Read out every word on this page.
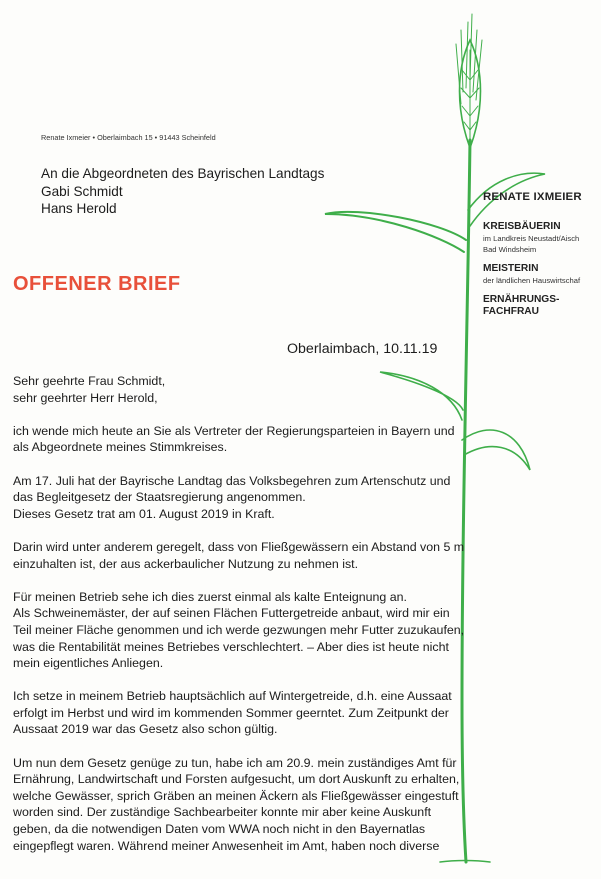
Renate Ixmeier • Oberlaimbach 15 • 91443 Scheinfeld
An die Abgeordneten des Bayrischen Landtags
Gabi Schmidt
Hans Herold
OFFENER BRIEF
RENATE IXMEIER
KREISBÄUERIN
im Landkreis Neustadt/Aisch
Bad Windsheim
MEISTERIN
der ländlichen Hauswirtschaf
ERNÄHRUNGS-
FACHFRAU
Oberlaimbach, 10.11.19

Sehr geehrte Frau Schmidt,
sehr geehrter Herr Herold,

ich wende mich heute an Sie als Vertreter der Regierungsparteien in Bayern und
als Abgeordnete meines Stimmkreises.

Am 17. Juli hat der Bayrische Landtag das Volksbegehren zum Artenschutz und
das Begleitgesetz der Staatsregierung angenommen.
Dieses Gesetz trat am 01. August 2019 in Kraft.

Darin wird unter anderem geregelt, dass von Fließgewässern ein Abstand von 5 m
einzuhalten ist, der aus ackerbaulicher Nutzung zu nehmen ist.

Für meinen Betrieb sehe ich dies zuerst einmal als kalte Enteignung an.
Als Schweinemäster, der auf seinen Flächen Futtergetreide anbaut, wird mir ein
Teil meiner Fläche genommen und ich werde gezwungen mehr Futter zuzukaufen,
was die Rentabilität meines Betriebes verschlechtert. – Aber dies ist heute nicht
mein eigentliches Anliegen.

Ich setze in meinem Betrieb hauptsächlich auf Wintergetreide, d.h. eine Aussaat
erfolgt im Herbst und wird im kommenden Sommer geerntet. Zum Zeitpunkt der
Aussaat 2019 war das Gesetz also schon gültig.

Um nun dem Gesetz genüge zu tun, habe ich am 20.9. mein zuständiges Amt für
Ernährung, Landwirtschaft und Forsten aufgesucht, um dort Auskunft zu erhalten,
welche Gewässer, sprich Gräben an meinen Äckern als Fließgewässer eingestuft
worden sind. Der zuständige Sachbearbeiter konnte mir aber keine Auskunft
geben, da die notwendigen Daten vom WWA noch nicht in den Bayernatlas
eingepflegt waren. Während meiner Anwesenheit im Amt, haben noch diverse
